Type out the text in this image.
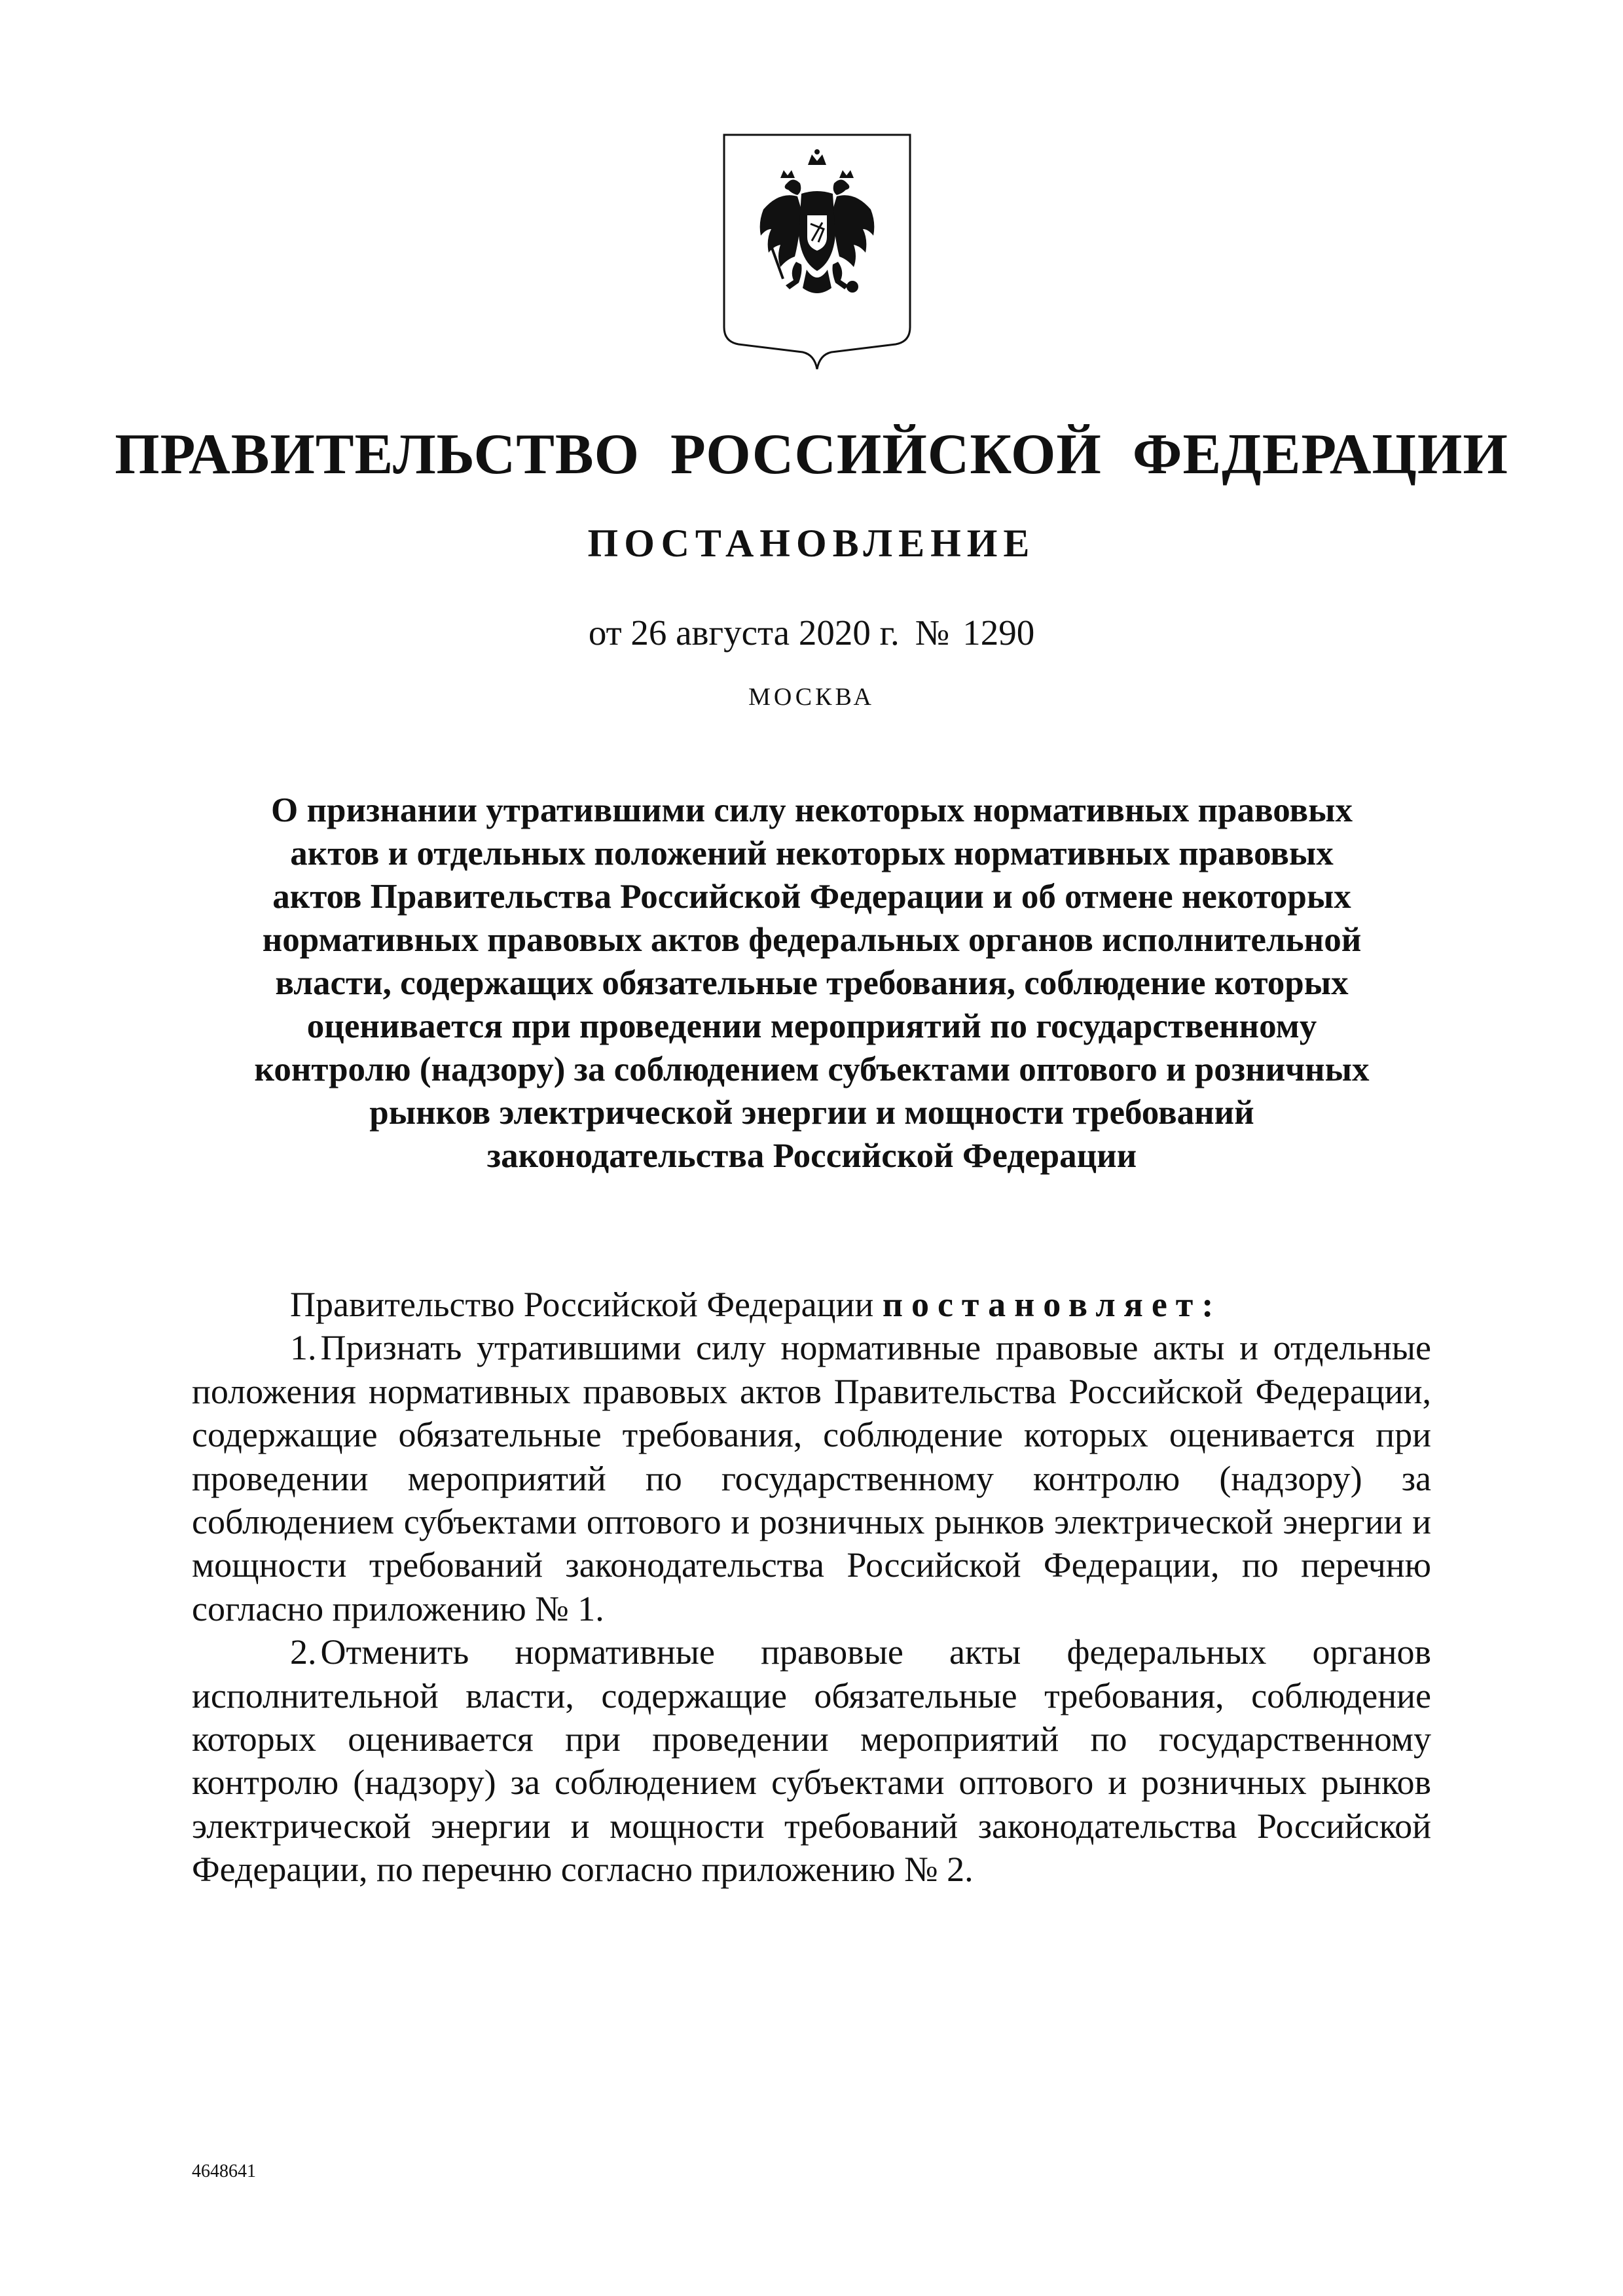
ПРАВИТЕЛЬСТВО РОССИЙСКОЙ ФЕДЕРАЦИИ
ПОСТАНОВЛЕНИЕ
от 26 августа 2020 г. № 1290
МОСКВА
О признании утратившими силу некоторых нормативных правовых
актов и отдельных положений некоторых нормативных правовых
актов Правительства Российской Федерации и об отмене некоторых
нормативных правовых актов федеральных органов исполнительной
власти, содержащих обязательные требования, соблюдение которых
оценивается при проведении мероприятий по государственному
контролю (надзору) за соблюдением субъектами оптового и розничных
рынков электрической энергии и мощности требований
законодательства Российской Федерации

Правительство Российской Федерации постановляет:

1. Признать утратившими силу нормативные правовые акты и отдельные положения нормативных правовых актов Правительства Российской Федерации, содержащие обязательные требования, соблюдение которых оценивается при проведении мероприятий по государственному контролю (надзору) за соблюдением субъектами оптового и розничных рынков электрической энергии и мощности требований законодательства Российской Федерации, по перечню согласно приложению № 1.

2. Отменить нормативные правовые акты федеральных органов исполнительной власти, содержащие обязательные требования, соблюдение которых оценивается при проведении мероприятий по государственному контролю (надзору) за соблюдением субъектами оптового и розничных рынков электрической энергии и мощности требований законодательства Российской Федерации, по перечню согласно приложению № 2.

4648641
